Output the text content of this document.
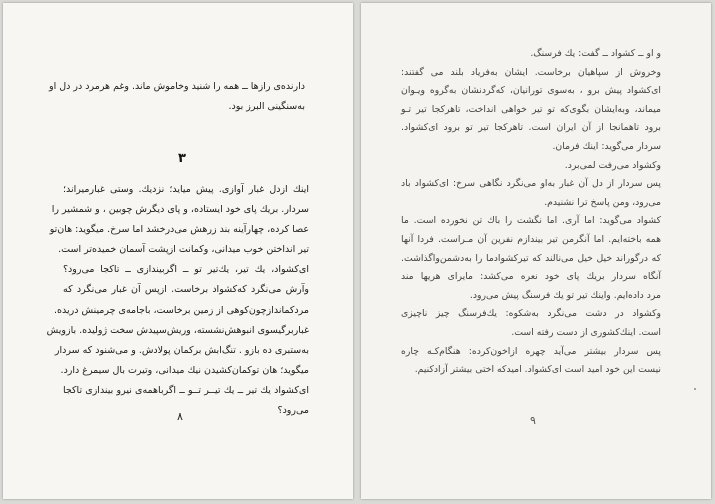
دارنده‌ی رازها ــ همه را شنید وخاموش ماند. وغم هرمرد در دل او
به‌سنگینی البرز بود.
۳
اینك ازدل غبار آوازی. پیش میاید؛ نزدیك. وستی غبارمیراند؛
سردار. بریك پای خود ایستاده، و پای دیگرش چوبین ، و شمشیر را
عصا کرده، چهارآینه بند زرهش می‌درخشد اما سرخ. میگوید: هان‌تو
تیر انداختن خوب میدانی، وکمانت ازپشت آسمان خمیده‌تر است.
ای‌کشواد، یك تیر، یك‌تیر تو ــ اگربیندازی ــ تاکجا می‌رود؟
وآرش می‌نگرد که‌کشواد برخاست. ازپس آن غبار می‌نگرد که
مردکمانداز‌چون‌کوهی از زمین برخاست، باجامه‌ی چرمینش دریده.
غباربرگیسوی انبوهش‌نشسته، وریش‌سپیدش سخت ژولیده. بازویش
به‌ستبری ده بازو . تنگ‌ابش برکمان پولادش. و می‌شنود که سردار
میگوید؛ هان تو‌کمان‌کشیدن نیك میدانی، وتیرت بال سیمرغ دارد.
ای‌کشواد یك تیر ــ یك تیــر تــو ــ اگرباهمه‌ی نیرو بیندازی تاکجا
می‌رود؟
۸
و او ــ کشواد ــ گفت: یك فرسنگ.
وخروش از سپاهیان برخاست. ایشان به‌فریاد بلند می گفتند:
ای‌کشواد پیش برو ، به‌سوی تورانیان، که‌گردنشان به‌گروه ویـوان
میماند، وبه‌ایشان بگوی‌که تو تیر خواهی انداخت، تاهرکجا تیر تـو
برود تاهمانجا از آن ایران است. تاهرکجا تیر تو برود ای‌کشواد.
سردار می‌گوید: اینك فرمان.
وکشواد می‌رفت لمی‌برد.
پس سردار از دل آن غبار به‌او می‌نگرد نگاهی سرخ: ای‌کشواد باد
می‌رود، ومن پاسخ ترا نشنیدم.
کشواد می‌گوید: اما آری. اما نگشت را باك تن نخورده است. ما
همه باخته‌ایم. اما آنگرمن تیر بیندازم نفرین آن مـراست. فردا آنها
که درگوراند خیل خیل می‌نالند که تیرکشوادما را به‌دشمن‌واگذاشت.
آنگاه سردار بریك پای خود نعره می‌کشد: مایرای هریها مند
مرد داده‌ایم. واینك تیر تو یك فرسنگ پیش می‌رود.
وکشواد در دشت می‌نگرد به‌شکوه: یك‌فرسنگ چیز ناچیزی
است. اینك‌کشوری از دست رفته است.
پس سردار بیشتر می‌آید چهره ازاخون‌کرده: هنگام‌کـه چاره
نیست این خود امید است ای‌کشواد. امیدکه اختی بیشتر آزادکنیم.
۹
